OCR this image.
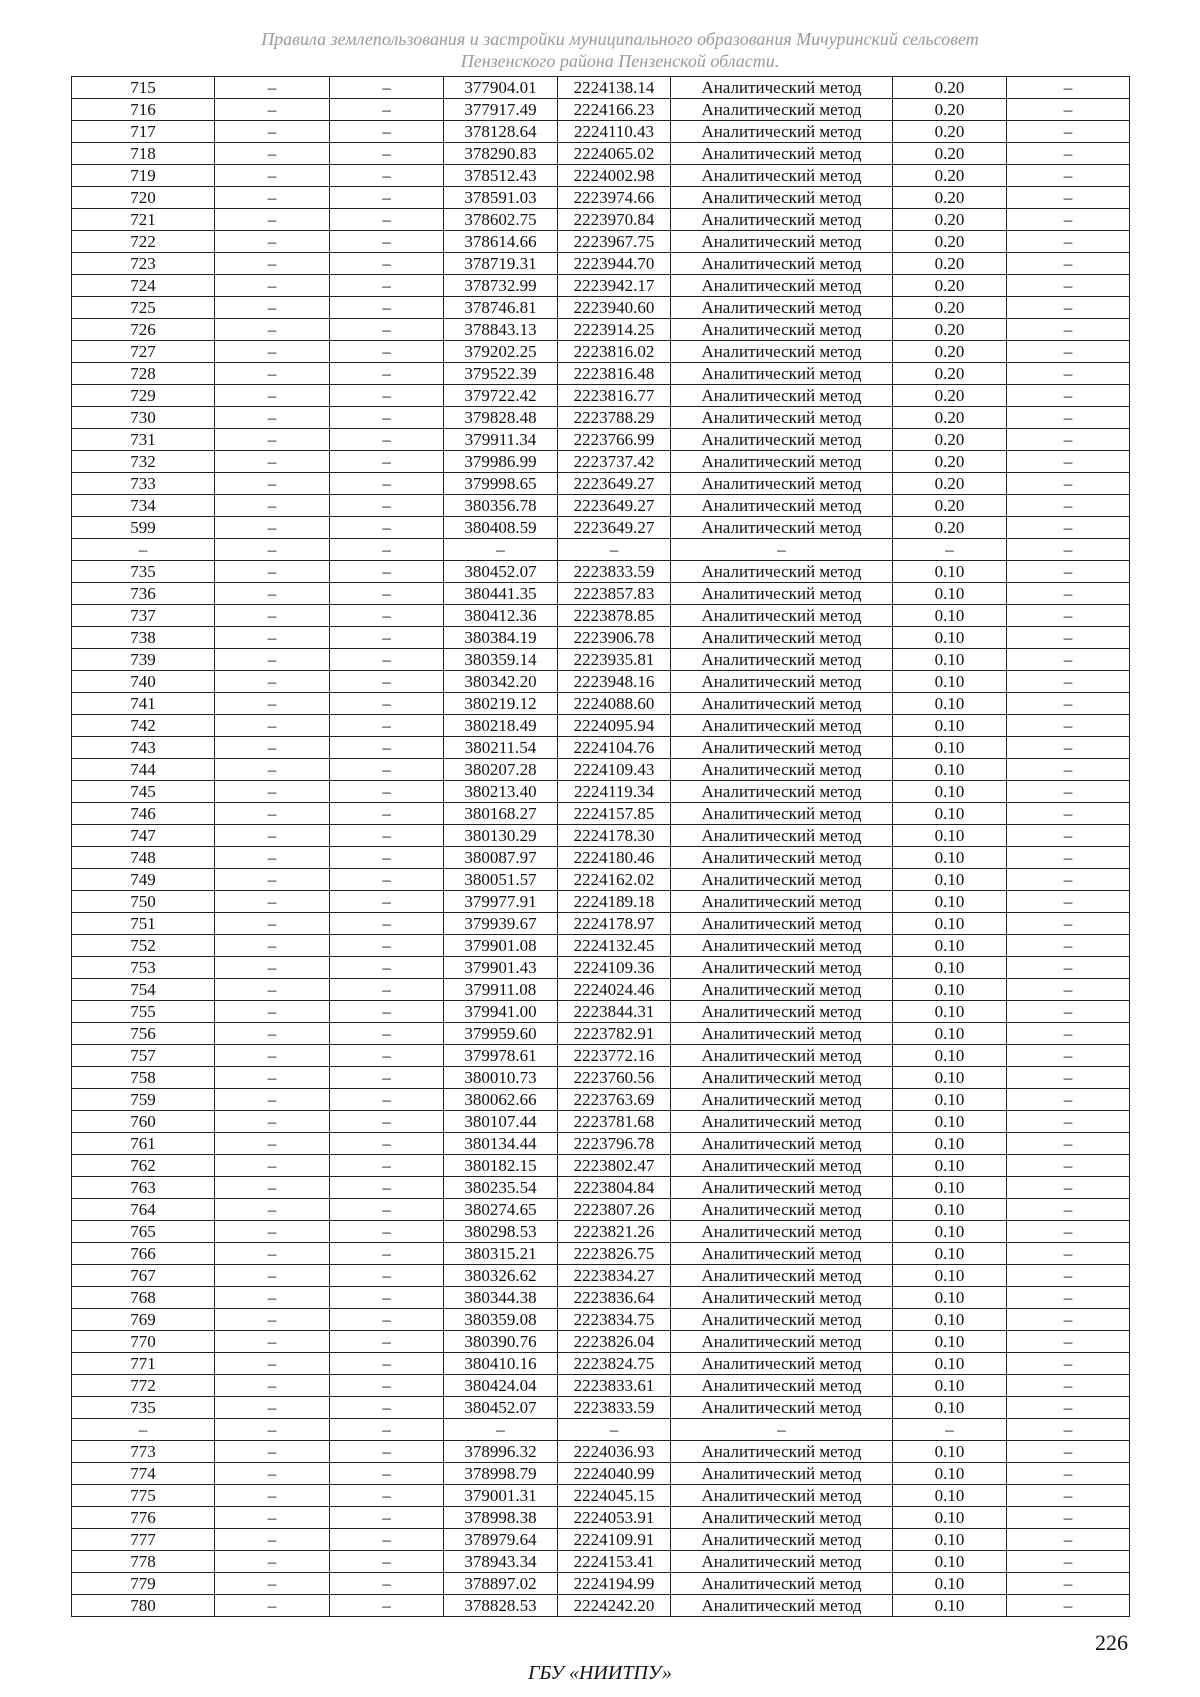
Правила землепользования и застройки муниципального образования Мичуринский сельсовет
Пензенского района Пензенской области.
715	–	–	377904.01	2224138.14	Аналитический метод	0.20	–
716	–	–	377917.49	2224166.23	Аналитический метод	0.20	–
717	–	–	378128.64	2224110.43	Аналитический метод	0.20	–
718	–	–	378290.83	2224065.02	Аналитический метод	0.20	–
719	–	–	378512.43	2224002.98	Аналитический метод	0.20	–
720	–	–	378591.03	2223974.66	Аналитический метод	0.20	–
721	–	–	378602.75	2223970.84	Аналитический метод	0.20	–
722	–	–	378614.66	2223967.75	Аналитический метод	0.20	–
723	–	–	378719.31	2223944.70	Аналитический метод	0.20	–
724	–	–	378732.99	2223942.17	Аналитический метод	0.20	–
725	–	–	378746.81	2223940.60	Аналитический метод	0.20	–
726	–	–	378843.13	2223914.25	Аналитический метод	0.20	–
727	–	–	379202.25	2223816.02	Аналитический метод	0.20	–
728	–	–	379522.39	2223816.48	Аналитический метод	0.20	–
729	–	–	379722.42	2223816.77	Аналитический метод	0.20	–
730	–	–	379828.48	2223788.29	Аналитический метод	0.20	–
731	–	–	379911.34	2223766.99	Аналитический метод	0.20	–
732	–	–	379986.99	2223737.42	Аналитический метод	0.20	–
733	–	–	379998.65	2223649.27	Аналитический метод	0.20	–
734	–	–	380356.78	2223649.27	Аналитический метод	0.20	–
599	–	–	380408.59	2223649.27	Аналитический метод	0.20	–
–	–	–	–	–	–	–	–
735	–	–	380452.07	2223833.59	Аналитический метод	0.10	–
736	–	–	380441.35	2223857.83	Аналитический метод	0.10	–
737	–	–	380412.36	2223878.85	Аналитический метод	0.10	–
738	–	–	380384.19	2223906.78	Аналитический метод	0.10	–
739	–	–	380359.14	2223935.81	Аналитический метод	0.10	–
740	–	–	380342.20	2223948.16	Аналитический метод	0.10	–
741	–	–	380219.12	2224088.60	Аналитический метод	0.10	–
742	–	–	380218.49	2224095.94	Аналитический метод	0.10	–
743	–	–	380211.54	2224104.76	Аналитический метод	0.10	–
744	–	–	380207.28	2224109.43	Аналитический метод	0.10	–
745	–	–	380213.40	2224119.34	Аналитический метод	0.10	–
746	–	–	380168.27	2224157.85	Аналитический метод	0.10	–
747	–	–	380130.29	2224178.30	Аналитический метод	0.10	–
748	–	–	380087.97	2224180.46	Аналитический метод	0.10	–
749	–	–	380051.57	2224162.02	Аналитический метод	0.10	–
750	–	–	379977.91	2224189.18	Аналитический метод	0.10	–
751	–	–	379939.67	2224178.97	Аналитический метод	0.10	–
752	–	–	379901.08	2224132.45	Аналитический метод	0.10	–
753	–	–	379901.43	2224109.36	Аналитический метод	0.10	–
754	–	–	379911.08	2224024.46	Аналитический метод	0.10	–
755	–	–	379941.00	2223844.31	Аналитический метод	0.10	–
756	–	–	379959.60	2223782.91	Аналитический метод	0.10	–
757	–	–	379978.61	2223772.16	Аналитический метод	0.10	–
758	–	–	380010.73	2223760.56	Аналитический метод	0.10	–
759	–	–	380062.66	2223763.69	Аналитический метод	0.10	–
760	–	–	380107.44	2223781.68	Аналитический метод	0.10	–
761	–	–	380134.44	2223796.78	Аналитический метод	0.10	–
762	–	–	380182.15	2223802.47	Аналитический метод	0.10	–
763	–	–	380235.54	2223804.84	Аналитический метод	0.10	–
764	–	–	380274.65	2223807.26	Аналитический метод	0.10	–
765	–	–	380298.53	2223821.26	Аналитический метод	0.10	–
766	–	–	380315.21	2223826.75	Аналитический метод	0.10	–
767	–	–	380326.62	2223834.27	Аналитический метод	0.10	–
768	–	–	380344.38	2223836.64	Аналитический метод	0.10	–
769	–	–	380359.08	2223834.75	Аналитический метод	0.10	–
770	–	–	380390.76	2223826.04	Аналитический метод	0.10	–
771	–	–	380410.16	2223824.75	Аналитический метод	0.10	–
772	–	–	380424.04	2223833.61	Аналитический метод	0.10	–
735	–	–	380452.07	2223833.59	Аналитический метод	0.10	–
–	–	–	–	–	–	–	–
773	–	–	378996.32	2224036.93	Аналитический метод	0.10	–
774	–	–	378998.79	2224040.99	Аналитический метод	0.10	–
775	–	–	379001.31	2224045.15	Аналитический метод	0.10	–
776	–	–	378998.38	2224053.91	Аналитический метод	0.10	–
777	–	–	378979.64	2224109.91	Аналитический метод	0.10	–
778	–	–	378943.34	2224153.41	Аналитический метод	0.10	–
779	–	–	378897.02	2224194.99	Аналитический метод	0.10	–
780	–	–	378828.53	2224242.20	Аналитический метод	0.10	–
226
ГБУ «НИИТПУ»
